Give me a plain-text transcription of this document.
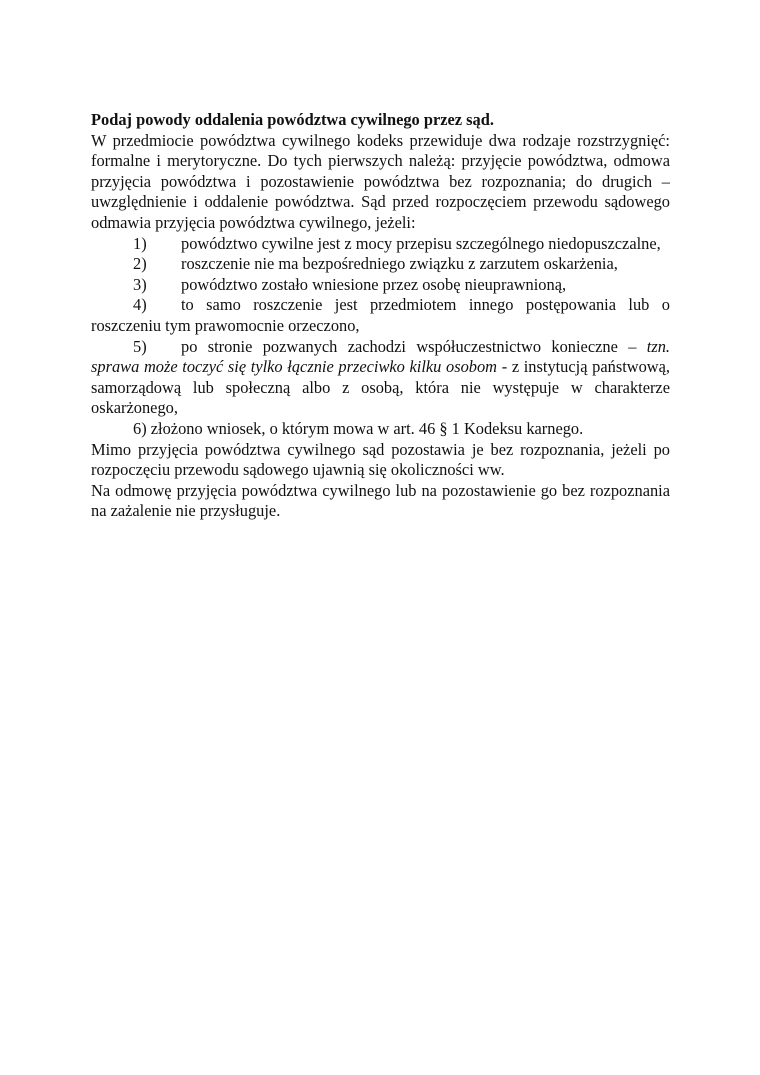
Podaj powody oddalenia powództwa cywilnego przez sąd.

W przedmiocie powództwa cywilnego kodeks przewiduje dwa rodzaje rozstrzygnięć: formalne i merytoryczne. Do tych pierwszych należą: przyjęcie powództwa, odmowa przyjęcia powództwa i pozostawienie powództwa bez rozpoznania; do drugich – uwzględnienie i oddalenie powództwa. Sąd przed rozpoczęciem przewodu sądowego odmawia przyjęcia powództwa cywilnego, jeżeli:

1) powództwo cywilne jest z mocy przepisu szczególnego niedopuszczalne,

2) roszczenie nie ma bezpośredniego związku z zarzutem oskarżenia,

3) powództwo zostało wniesione przez osobę nieuprawnioną,

4) to samo roszczenie jest przedmiotem innego postępowania lub o roszczeniu tym prawomocnie orzeczono,

5) po stronie pozwanych zachodzi współuczestnictwo konieczne – tzn. sprawa może toczyć się tylko łącznie przeciwko kilku osobom - z instytucją państwową, samorządową lub społeczną albo z osobą, która nie występuje w charakterze oskarżonego,

6) złożono wniosek, o którym mowa w art. 46 § 1 Kodeksu karnego.

Mimo przyjęcia powództwa cywilnego sąd pozostawia je bez rozpoznania, jeżeli po rozpoczęciu przewodu sądowego ujawnią się okoliczności ww.

Na odmowę przyjęcia powództwa cywilnego lub na pozostawienie go bez rozpoznania na zażalenie nie przysługuje.
